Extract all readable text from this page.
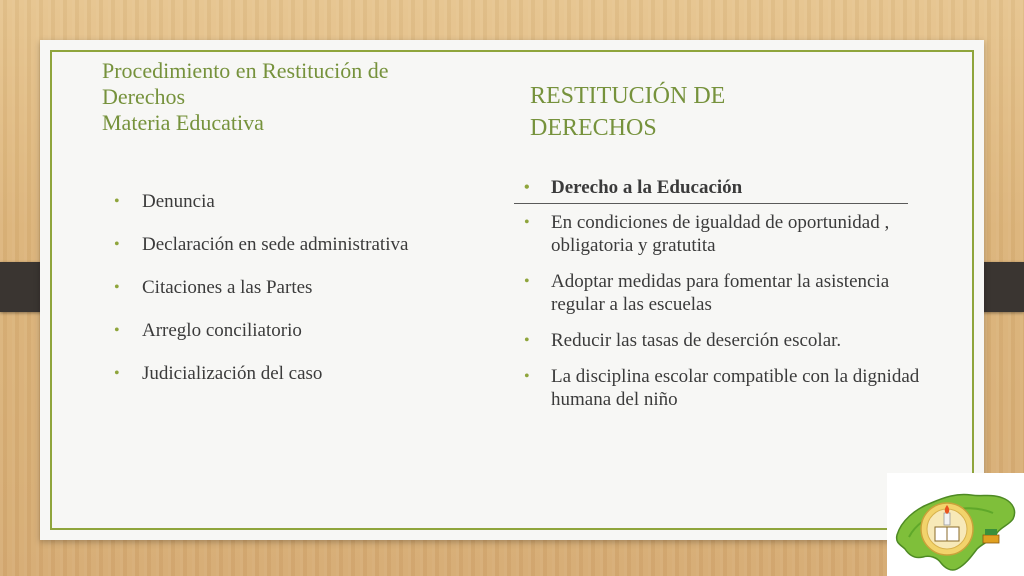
Procedimiento en Restitución de
Derechos
Materia Educativa
RESTITUCIÓN DE
DERECHOS
• Denuncia
• Declaración en sede administrativa
• Citaciones a las Partes
• Arreglo conciliatorio
• Judicialización del caso
• Derecho a la Educación
• En condiciones de igualdad de oportunidad , obligatoria y gratutita
• Adoptar medidas para fomentar la asistencia regular a las escuelas
• Reducir las tasas de deserción escolar.
• La disciplina escolar compatible con la dignidad humana del niño
